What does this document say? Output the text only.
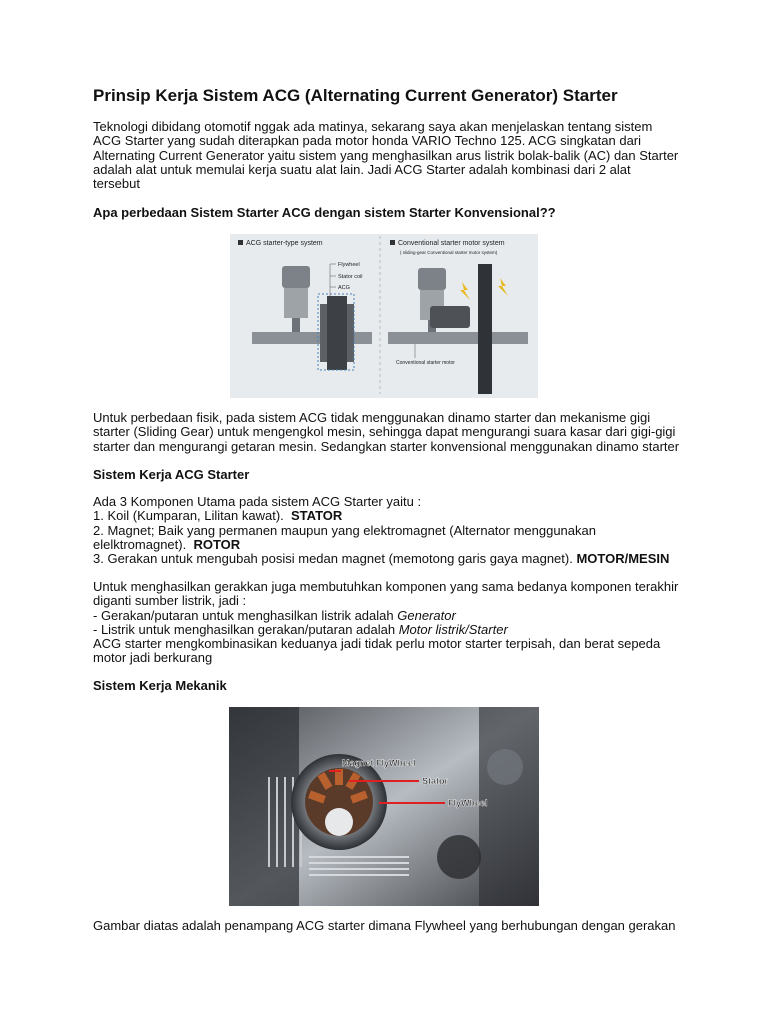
Prinsip Kerja Sistem ACG (Alternating Current Generator) Starter
Teknologi dibidang otomotif nggak ada matinya, sekarang saya akan menjelaskan tentang sistem
ACG Starter yang sudah diterapkan pada motor honda VARIO Techno 125. ACG singkatan dari
Alternating Current Generator yaitu sistem yang menghasilkan arus listrik bolak-balik (AC) dan Starter
adalah alat untuk memulai kerja suatu alat lain. Jadi ACG Starter adalah kombinasi dari 2 alat
tersebut
Apa perbedaan Sistem Starter ACG dengan sistem Starter Konvensional??
ACG starter-type system
Flywheel
Stator coil
ACG
Conventional starter motor system
( sliding-gear Conventional starter motor system)
Conventional starter motor
Untuk perbedaan fisik, pada sistem ACG tidak menggunakan dinamo starter dan mekanisme gigi
starter (Sliding Gear) untuk mengengkol mesin, sehingga dapat mengurangi suara kasar dari gigi-gigi
starter dan mengurangi getaran mesin. Sedangkan starter konvensional menggunakan dinamo starter
Sistem Kerja ACG Starter
Ada 3 Komponen Utama pada sistem ACG Starter yaitu :
1. Koil (Kumparan, Lilitan kawat). STATOR
2. Magnet; Baik yang permanen maupun yang elektromagnet (Alternator menggunakan
elelktromagnet). ROTOR
3. Gerakan untuk mengubah posisi medan magnet (memotong garis gaya magnet). MOTOR/MESIN
Untuk menghasilkan gerakkan juga membutuhkan komponen yang sama bedanya komponen terakhir
diganti sumber listrik, jadi :
- Gerakan/putaran untuk menghasilkan listrik adalah Generator
- Listrik untuk menghasilkan gerakan/putaran adalah Motor listrik/Starter
ACG starter mengkombinasikan keduanya jadi tidak perlu motor starter terpisah, dan berat sepeda
motor jadi berkurang
Sistem Kerja Mekanik
Magnet FlyWheel
Stator
FlyWheel
Gambar diatas adalah penampang ACG starter dimana Flywheel yang berhubungan dengan gerakan
